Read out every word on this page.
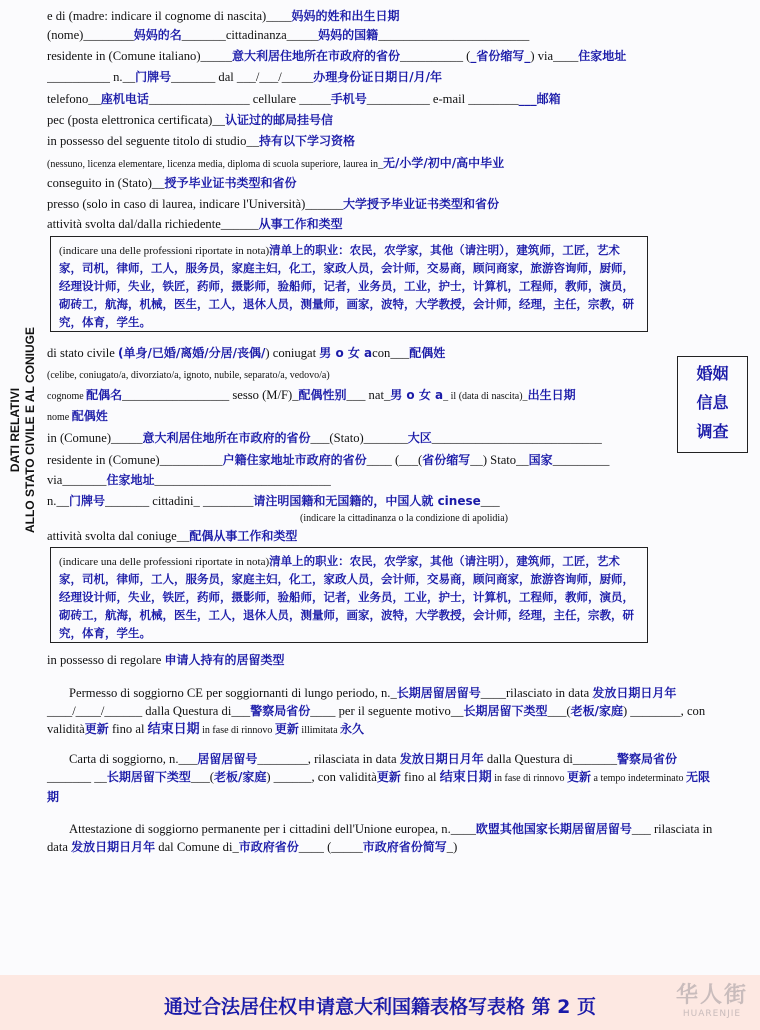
DATI RELATIVI ALLO STATO CIVILE E AL CONIUGE
e di (madre: indicare il cognome di nascita)____妈妈的姓和出生日期
(nome)________妈妈的名_______cittadinanza_____妈妈的国籍________________________
residente in (Comune italiano)_____意大利居住地所在市政府的省份__________ (_省份缩写_) via____住家地址
__________ n.__门牌号_______ dal ___/___/_____办理身份证日期日/月/年
telefono__座机电话________________ cellulare _____手机号__________ e-mail ___________邮箱
pec (posta elettronica certificata)__认证过的邮局挂号信
in possesso del seguente titolo di studio__持有以下学习资格
(nessuno, licenza elementare, licenza media, diploma di scuola superiore, laurea in_无/小学/初中/高中毕业
conseguito in (Stato)__授予毕业证书类型和省份
presso (solo in caso di laurea, indicare l'Università)______大学授予毕业证书类型和省份
attività svolta dal/dalla richiedente______从事工作和类型
(indicare una delle professioni riportate in nota)清单上的职业：农民，农学家，其他（请注明），建筑师，工匠，艺术家，司机，律师，工人，服务员，家庭主妇，化工，家政人员，会计师，交易商，顾问商家，旅游咨询师，厨师，经理设计师，失业，铁匠，药师，摄影师，验船师，记者，业务员，工业，护士，计算机，工程师，教师，演员，砌砖工，航海，机械，医生，工人，退休人员，测量师，画家，波特，大学教授，会计师，经理，主任，宗教，研究，体育，学生。
di stato civile (单身/已婚/离婚/分居/丧偶/) coniugat 男 o 女 acon___配偶姓
(celibe, coniugato/a, divorziato/a, ignoto, nubile, separato/a, vedovo/a)
cognome 配偶名_________________ sesso (M/F)_配偶性别___ nat_男 o 女 a_ il (data di nascita)_出生日期
nome 配偶姓
in (Comune)_____意大利居住地所在市政府的省份___(Stato)_______大区___________________________
婚姻
信息
调查
residente in (Comune)__________户籍住家地址市政府的省份____ (___(省份缩写__) Stato__国家_________
via_______住家地址____________________________
n.__门牌号_______ cittadini_ ________请注明国籍和无国籍的，中国人就 cinese___
(indicare la cittadinanza o la condizione di apolidia)
attività svolta dal coniuge__配偶从事工作和类型
(indicare una delle professioni riportate in nota)清单上的职业：农民，农学家，其他（请注明），建筑师，工匠，艺术家，司机，律师，工人，服务员，家庭主妇，化工，家政人员，会计师，交易商，顾问商家，旅游咨询师，厨师，经理设计师，失业，铁匠，药师，摄影师，验船师，记者，业务员，工业，护士，计算机，工程师，教师，演员，砌砖工，航海，机械，医生，工人，退休人员，测量师，画家，波特，大学教授，会计师，经理，主任，宗教，研究，体育，学生。
in possesso di regolare 申请人持有的居留类型
Permesso di soggiorno CE per soggiornanti di lungo periodo, n._长期居留居留号____rilasciato in data 发放日期日月年____/____/______ dalla Questura di___警察局省份____ per il seguente motivo__长期居留下类型___(老板/家庭) ________, con validità更新 fino al 结束日期 in fase di rinnovo 更新 illimitata 永久
Carta di soggiorno, n.___居留居留号________, rilasciata in data 发放日期日月年 dalla Questura di_______警察局省份_______ __长期居留下类型___(老板/家庭) ______, con validità更新 fino al 结束日期 in fase di rinnovo 更新 a tempo indeterminato 无限期
Attestazione di soggiorno permanente per i cittadini dell'Unione europea, n.____欧盟其他国家长期居留居留号___ rilasciata in data 发放日期日月年 dal Comune di_市政府省份____ (_____市政府省份简写_)
通过合法居住权申请意大利国籍表格写表格 第 2 页	华人街
HUARENJIE
